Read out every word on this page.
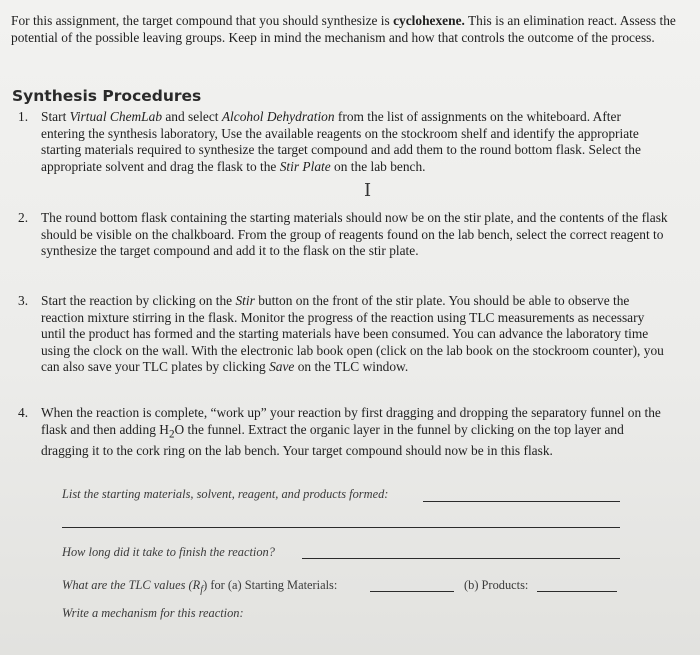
For this assignment, the target compound that you should synthesize is cyclohexene. This is an elimination react. Assess the potential of the possible leaving groups. Keep in mind the mechanism and how that controls the outcome of the process.
Synthesis Procedures
1. Start Virtual ChemLab and select Alcohol Dehydration from the list of assignments on the whiteboard. After entering the synthesis laboratory, Use the available reagents on the stockroom shelf and identify the appropriate starting materials required to synthesize the target compound and add them to the round bottom flask. Select the appropriate solvent and drag the flask to the Stir Plate on the lab bench.
I
2. The round bottom flask containing the starting materials should now be on the stir plate, and the contents of the flask should be visible on the chalkboard. From the group of reagents found on the lab bench, select the correct reagent to synthesize the target compound and add it to the flask on the stir plate.
3. Start the reaction by clicking on the Stir button on the front of the stir plate. You should be able to observe the reaction mixture stirring in the flask. Monitor the progress of the reaction using TLC measurements as necessary until the product has formed and the starting materials have been consumed. You can advance the laboratory time using the clock on the wall. With the electronic lab book open (click on the lab book on the stockroom counter), you can also save your TLC plates by clicking Save on the TLC window.
4. When the reaction is complete, “work up” your reaction by first dragging and dropping the separatory funnel on the flask and then adding $H_2O$ the funnel. Extract the organic layer in the funnel by clicking on the top layer and dragging it to the cork ring on the lab bench. Your target compound should now be in this flask.
List the starting materials, solvent, reagent, and products formed:
How long did it take to finish the reaction?
What are the TLC values $(R_f)$ for (a) Starting Materials:	(b) Products:
Write a mechanism for this reaction:
